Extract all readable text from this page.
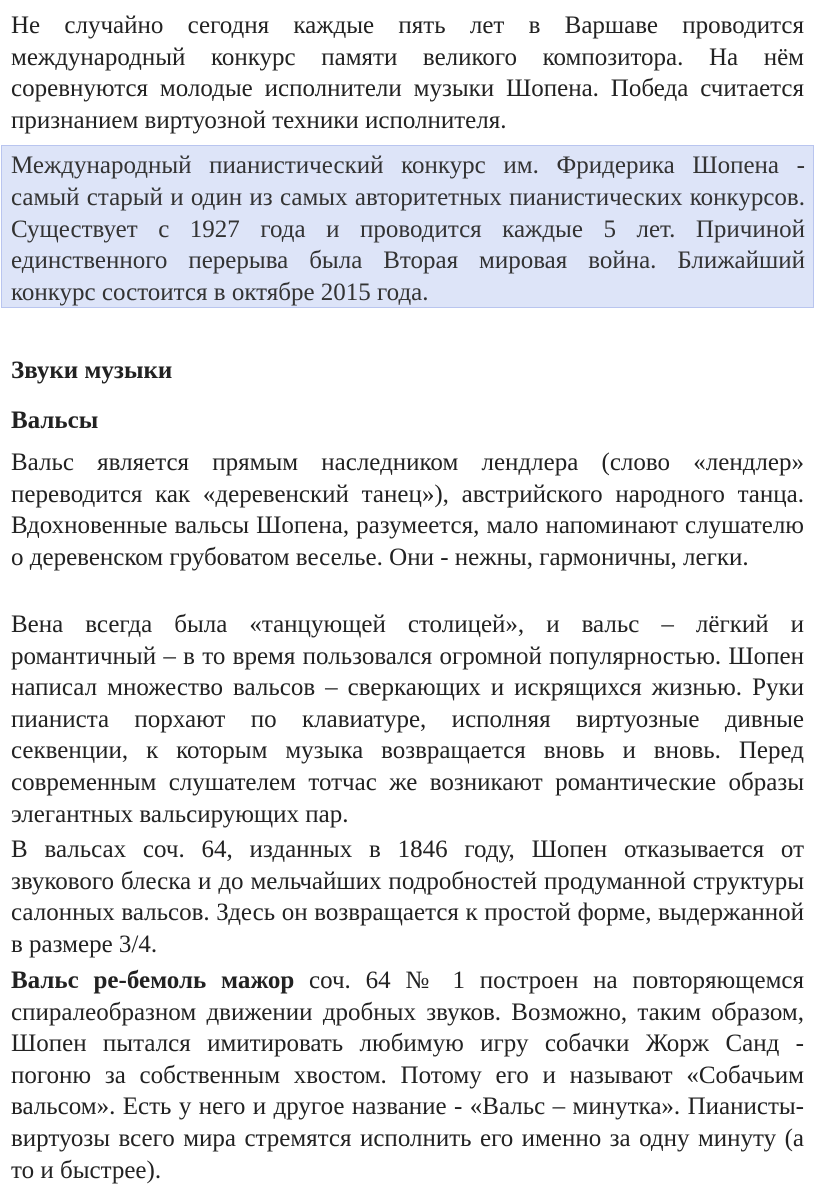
Не случайно сегодня каждые пять лет в Варшаве проводится международный конкурс памяти великого композитора. На нём соревнуются молодые исполнители музыки Шопена. Победа считается признанием виртуозной техники исполнителя.

Международный пианистический конкурс им. Фридерика Шопена - самый старый и один из самых авторитетных пианистических конкурсов. Существует с 1927 года и проводится каждые 5 лет. Причиной единственного перерыва была Вторая мировая война. Ближайший конкурс состоится в октябре 2015 года.

Звуки музыки
Вальсы

Вальс является прямым наследником лендлера (слово «лендлер» переводится как «деревенский танец»), австрийского народного танца. Вдохновенные вальсы Шопена, разумеется, мало напоминают слушателю о деревенском грубоватом веселье. Они - нежны, гармоничны, легки.

Вена всегда была «танцующей столицей», и вальс – лёгкий и романтичный – в то время пользовался огромной популярностью. Шопен написал множество вальсов – сверкающих и искрящихся жизнью. Руки пианиста порхают по клавиатуре, исполняя виртуозные дивные секвенции, к которым музыка возвращается вновь и вновь. Перед современным слушателем тотчас же возникают романтические образы элегантных вальсирующих пар.

В вальсах соч. 64, изданных в 1846 году, Шопен отказывается от звукового блеска и до мельчайших подробностей продуманной структуры салонных вальсов. Здесь он возвращается к простой форме, выдержанной в размере 3/4.

Вальс ре-бемоль мажор соч. 64 № 1 построен на повторяющемся спиралеобразном движении дробных звуков. Возможно, таким образом, Шопен пытался имитировать любимую игру собачки Жорж Санд - погоню за собственным хвостом. Потому его и называют «Собачьим вальсом». Есть у него и другое название - «Вальс – минутка». Пианисты-виртуозы всего мира стремятся исполнить его именно за одну минуту (а то и быстрее).
